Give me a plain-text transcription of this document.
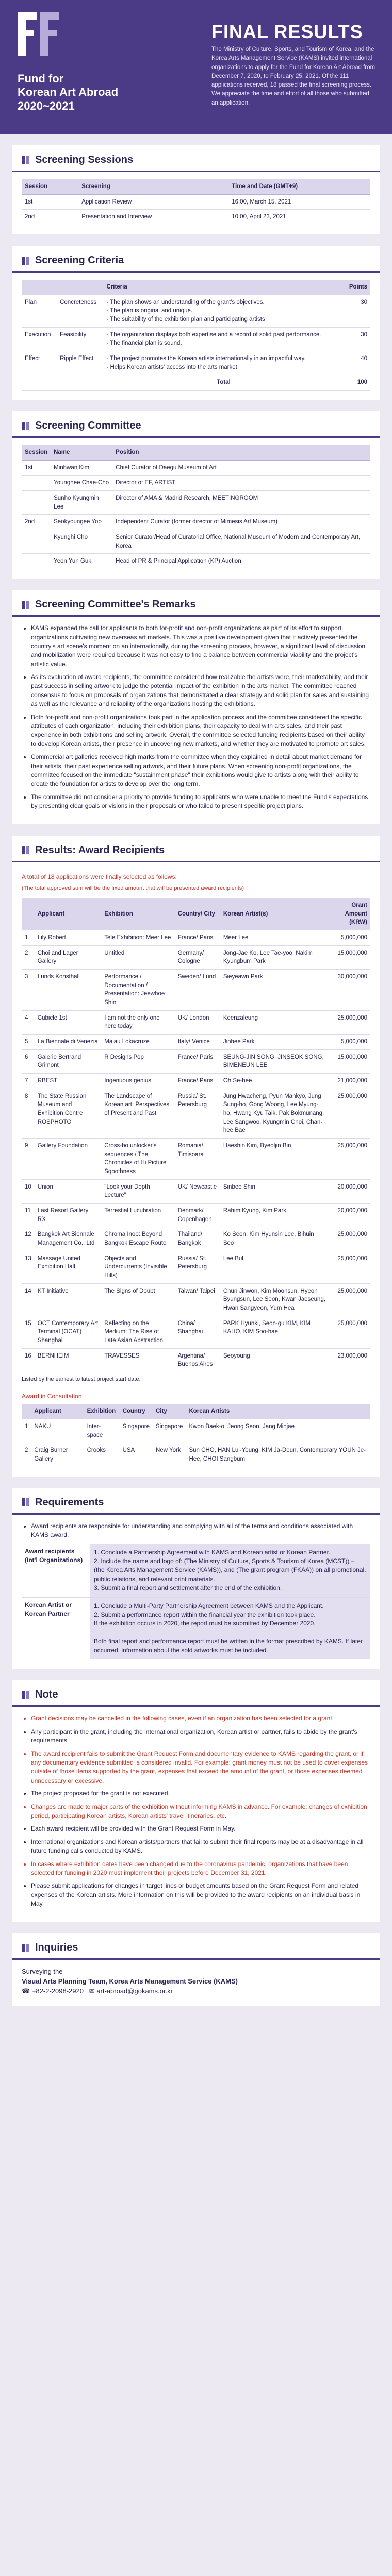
Fund for
Korean Art Abroad
2020~2021
FINAL RESULTS
The Ministry of Culture, Sports, and Tourism of Korea, and the Korea Arts Management Service (KAMS) invited international organizations to apply for the Fund for Korean Art Abroad from December 7, 2020, to February 25, 2021. Of the 111 applications received, 18 passed the final screening process. We appreciate the time and effort of all those who submitted an application.
Screening Sessions
Session	Screening	Time and Date (GMT+9)
1st	Application Review	16:00, March 15, 2021
2nd	Presentation and Interview	10:00, April 23, 2021
Screening Criteria
		Criteria	Points
Plan	Concreteness	- The plan shows an understanding of the grant's objectives.
- The plan is original and unique.
- The suitability of the exhibition plan and participating artists	30
Execution	Feasibility	- The organization displays both expertise and a record of solid past performance.
- The financial plan is sound.	30
Effect	Ripple Effect	- The project promotes the Korean artists internationally in an impactful way.
- Helps Korean artists' access into the arts market.	40
		Total	100
Screening Committee
Session	Name	Position
1st	Minhwan Kim	Chief Curator of Daegu Museum of Art
	Younghee Chae-Cho	Director of EF, ARTIST
	Sunho Kyungmin Lee	Director of AMA & Madrid Research, MEETINGROOM
2nd	Seokyoungee Yoo	Independent Curator (former director of Mimesis Art Museum)
	Kyunghi Cho	Senior Curator/Head of Curatorial Office, National Museum of Modern and Contemporary Art, Korea
	Yeon Yun Guk	Head of PR & Principal Application (KP) Auction
Screening Committee's Remarks
• KAMS expanded the call for applicants to both for-profit and non-profit organizations as part of its effort to support organizations cultivating new overseas art markets. This was a positive development given that it actively presented the country's art scene's moment on an internationally, during the screening process, however, a significant level of discussion and mobilization were required because it was not easy to find a balance between commercial viability and the project's artistic value.
• As its evaluation of award recipients, the committee considered how realizable the artists were, their marketability, and their past success in selling artwork to judge the potential impact of the exhibition in the arts market. The committee reached consensus to focus on proposals of organizations that demonstrated a clear strategy and solid plan for sales and sustaining as well as the relevance and reliability of the organizations hosting the exhibitions.
• Both for-profit and non-profit organizations took part in the application process and the committee considered the specific attributes of each organization, including their exhibition plans, their capacity to deal with arts sales, and their past experience in both exhibitions and selling artwork. Overall, the committee selected funding recipients based on their ability to develop Korean artists, their presence in uncovering new markets, and whether they are motivated to promote art sales.
• Commercial art galleries received high marks from the committee when they explained in detail about market demand for their artists, their past experience selling artwork, and their future plans. When screening non-profit organizations, the committee focused on the immediate "sustainment phase" their exhibitions would give to artists along with their ability to create the foundation for artists to develop over the long term.
• The committee did not consider a priority to provide funding to applicants who were unable to meet the Fund's expectations by presenting clear goals or visions in their proposals or who failed to present specific project plans.
Results: Award Recipients
A total of 18 applications were finally selected as follows:
(The total approved sum will be the fixed amount that will be presented award recipients)
	Applicant	Exhibition	Country/ City	Korean Artist(s)	Grant Amount (KRW)
1	Lily Robert	Tele Exhibition: Meer Lee	France/ Paris	Meer Lee	5,000,000
2	Choi and Lager Gallery	Untitled	Germany/ Cologne	Jong-Jae Ko, Lee Tae-yoo, Nakim Kyungbum Park	15,000,000
3	Lunds Konsthall	Performance / Documentation / Presentation: Jeewhoe Shin	Sweden/ Lund	Sieyeawn Park	30,000,000
4	Cubicle 1st	I am not the only one here today	UK/ London	Keenzaleung	25,000,000
5	La Biennale di Venezia	Maiau Lokacruze	Italy/ Venice	Jinhee Park	5,000,000
6	Galerie Bertrand Grimont	R Designs Pop	France/ Paris	SEUNG-JIN SONG, JINSEOK SONG, BIMENEUN LEE	15,000,000
7	RBEST	Ingenuous genius	France/ Paris	Oh Se-hee	21,000,000
8	The State Russian Museum and Exhibition Centre ROSPHOTO	The Landscape of Korean art: Perspectives of Present and Past	Russia/ St. Petersburg	Jung Hwacheng, Pyun Mankyo, Jung Sung-ho, Gong Woong, Lee Myung-ho, Hwang Kyu Taik, Pak Bokmunang, Lee Sangwoo, Kyungmin Choi, Chan-hee Bae	25,000,000
9	Gallery Foundation	Cross-bo unlocker's sequences / The Chronicles of Hi Picture Sqoothness	Romania/ Timisoara	Haeshin Kim, Byeoljin Bin	25,000,000
10	Union	"Look your Depth Lecture"	UK/ Newcastle	Sinbee Shin	20,000,000
11	Last Resort Gallery RX	Terrestial Lucubration	Denmark/ Copenhagen	Rahim Kyung, Kim Park	20,000,000
12	Bangkok Art Biennale Management Co., Ltd	Chroma Inoo: Beyond Bangkok Escape Route	Thailand/ Bangkok	Ko Seon, Kim Hyunsin Lee, Bihuin Seo	25,000,000
13	Massage United Exhibition Hall	Objects and Undercurrents (Invisible Hills)	Russia/ St. Petersburg	Lee Bul	25,000,000
14	KT Initiative	The Signs of Doubt	Taiwan/ Taipei	Chun Jinwon, Kim Moonsun, Hyeon Byungsun, Lee Seon, Kwan Jaeseung, Hwan Sangyeon, Yum Hea	25,000,000
15	OCT Contemporary Art Terminal (OCAT) Shanghai	Reflecting on the Medium: The Rise of Late Asian Abstraction	China/ Shanghai	PARK Hyunki, Seon-gu KIM, KIM KAHO, KIM Soo-hae	25,000,000
16	BERNHEIM	TRAVESSES	Argentina/ Buenos Aires	Seoyoung	23,000,000
Listed by the earliest to latest project start date.
Award in Consultation
	Applicant	Exhibition	Country	City	Korean Artists
1	NAKU	Inter-space	Singapore	Singapore	Kwon Baek-o, Jeong Seon, Jang Minjae
2	Craig Burner Gallery	Crooks	USA	New York	Sun CHO, HAN Lui-Young, KIM Ja-Deun, Contemporary YOUN Je-Hee, CHOI Sangbum
Requirements
• Award recipients are responsible for understanding and complying with all of the terms and conditions associated with KAMS award.
Award recipients (Int'l Organizations)	1. Conclude a Partnership Agreement with KAMS and Korean artist or Korean Partner.
2. Include the name and logo of: (The Ministry of Culture, Sports & Tourism of Korea (MCST)) – (the Korea Arts Management Service (KAMS)), and (The grant program (FKAA)) on all promotional, public relations, and relevant print materials.
3. Submit a final report and settlement after the end of the exhibition.

Korean Artist or Korean Partner	1. Conclude a Multi-Party Partnership Agreement between KAMS and the Applicant.
2. Submit a performance report within the financial year the exhibition took place.
If the exhibition occurs in 2020, the report must be submitted by December 2020.

	Both final report and performance report must be written in the format prescribed by KAMS. If later occurred, information about the sold artworks must be included.
Note
• Grant decisions may be cancelled in the following cases, even if an organization has been selected for a grant.
• Any participant in the grant, including the international organization, Korean artist or partner, fails to abide by the grant's requirements.
• The award recipient fails to submit the Grant Request Form and documentary evidence to KAMS regarding the grant, or if any documentary evidence submitted is considered invalid. For example: grant money must not be used to cover expenses outside of those items supported by the grant, expenses that exceed the amount of the grant, or those expenses deemed unnecessary or excessive.
• The project proposed for the grant is not executed.
• Changes are made to major parts of the exhibition without informing KAMS in advance. For example: changes of exhibition period, participating Korean artists, Korean artists' travel itineraries, etc.
• Each award recipient will be provided with the Grant Request Form in May.
• International organizations and Korean artists/partners that fail to submit their final reports may be at a disadvantage in all future funding calls conducted by KAMS.
• In cases where exhibition dates have been changed due to the coronavirus pandemic, organizations that have been selected for funding in 2020 must implement their projects before December 31, 2021.
• Please submit applications for changes in target lines or budget amounts based on the Grant Request Form and related expenses of the Korean artists. More information on this will be provided to the award recipients on an individual basis in May.
Inquiries
Surveying the
Visual Arts Planning Team, Korea Arts Management Service (KAMS)
☎ +82-2-2098-2920 ✉ art-abroad@gokams.or.kr
